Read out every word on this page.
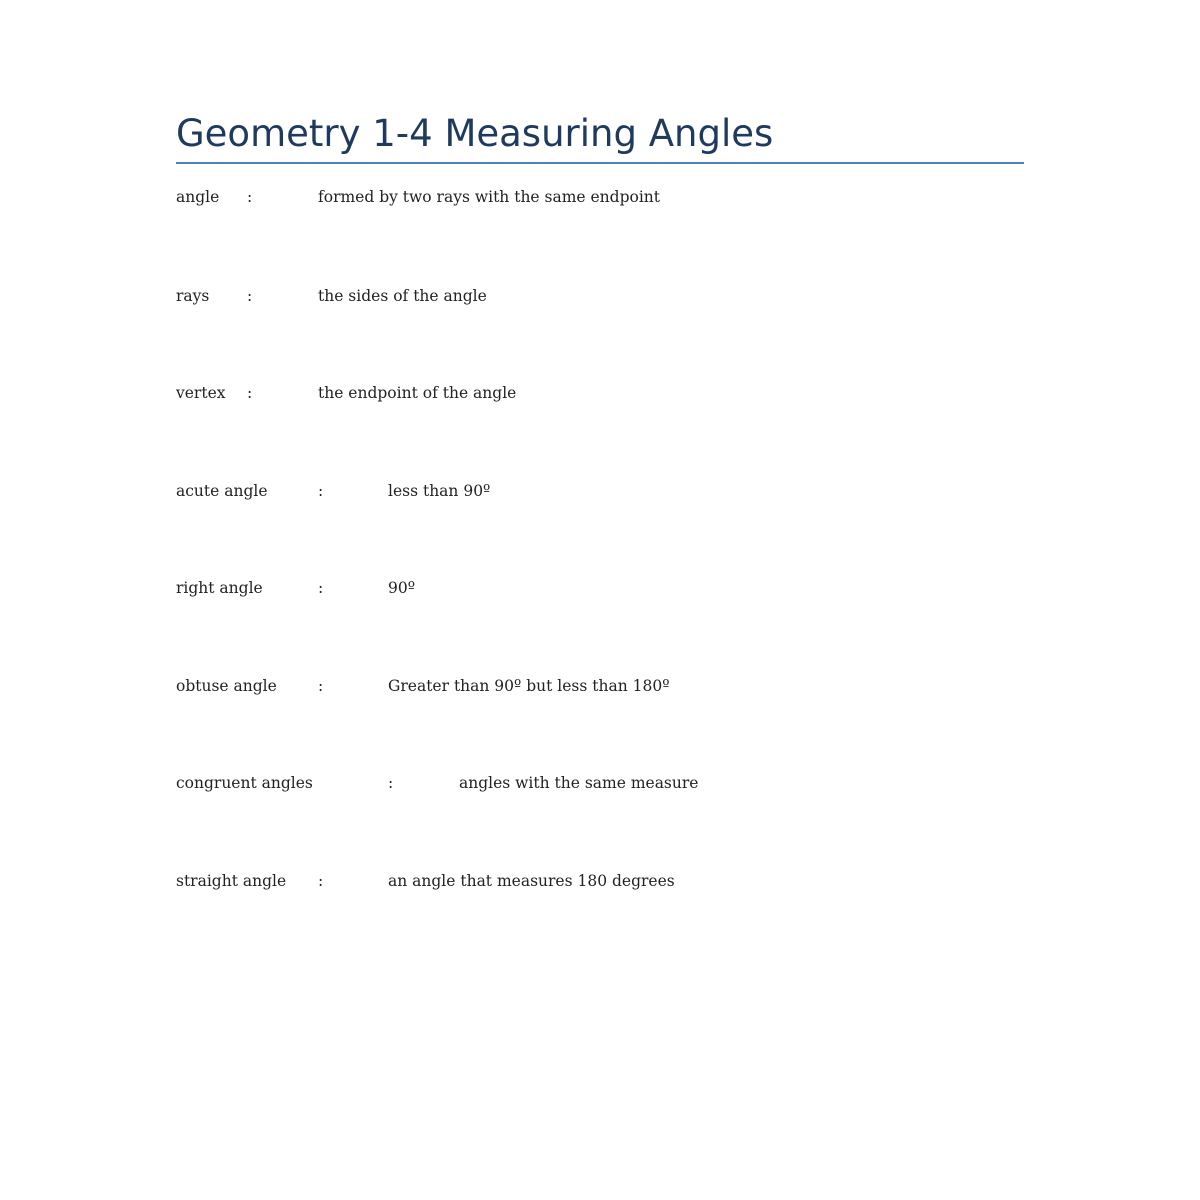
Geometry 1-4 Measuring Angles
angle :	formed by two rays with the same endpoint
rays :	the sides of the angle
vertex :	the endpoint of the angle
acute angle	:	less than 90º
right angle	:	90º
obtuse angle	:	Greater than 90º but less than 180º
congruent angles	:	angles with the same measure
straight angle :	an angle that measures 180 degrees
